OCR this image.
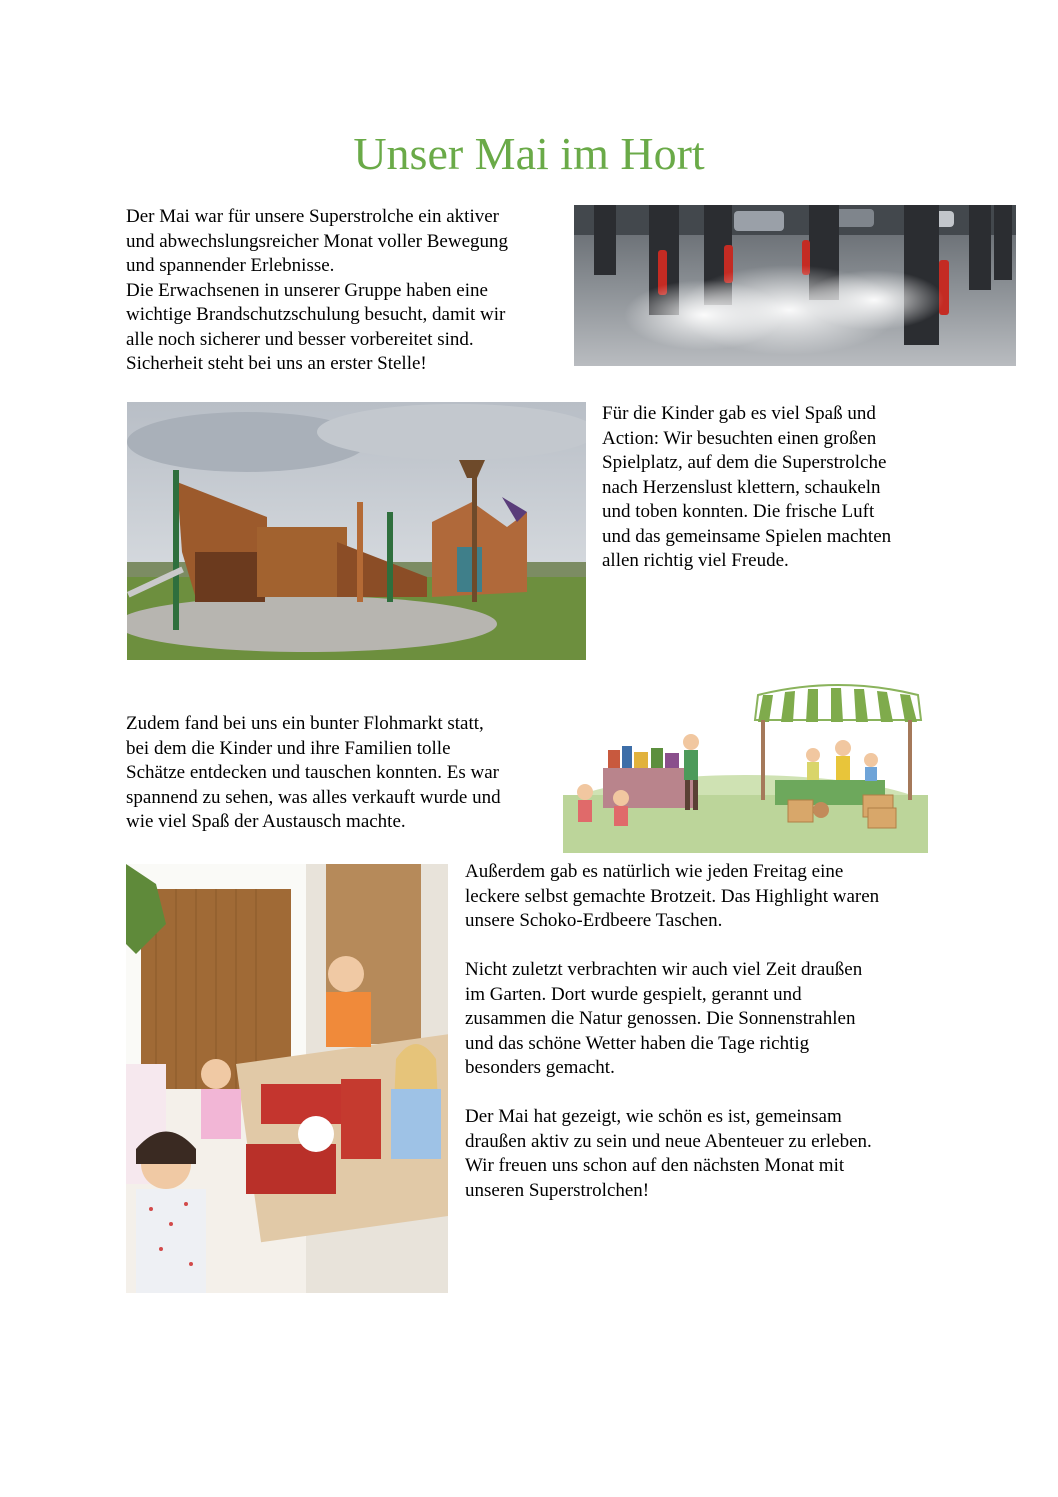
Unser Mai im Hort

Der Mai war für unsere Superstrolche ein aktiver
und abwechslungsreicher Monat voller Bewegung
und spannender Erlebnisse.
Die Erwachsenen in unserer Gruppe haben eine
wichtige Brandschutzschulung besucht, damit wir
alle noch sicherer und besser vorbereitet sind.
Sicherheit steht bei uns an erster Stelle!

Für die Kinder gab es viel Spaß und
Action: Wir besuchten einen großen
Spielplatz, auf dem die Superstrolche
nach Herzenslust klettern, schaukeln
und toben konnten. Die frische Luft
und das gemeinsame Spielen machten
allen richtig viel Freude.

Zudem fand bei uns ein bunter Flohmarkt statt,
bei dem die Kinder und ihre Familien tolle
Schätze entdecken und tauschen konnten. Es war
spannend zu sehen, was alles verkauft wurde und
wie viel Spaß der Austausch machte.

Außerdem gab es natürlich wie jeden Freitag eine
leckere selbst gemachte Brotzeit. Das Highlight waren
unsere Schoko-Erdbeere Taschen.

Nicht zuletzt verbrachten wir auch viel Zeit draußen
im Garten. Dort wurde gespielt, gerannt und
zusammen die Natur genossen. Die Sonnenstrahlen
und das schöne Wetter haben die Tage richtig
besonders gemacht.

Der Mai hat gezeigt, wie schön es ist, gemeinsam
draußen aktiv zu sein und neue Abenteuer zu erleben.
Wir freuen uns schon auf den nächsten Monat mit
unseren Superstrolchen!
